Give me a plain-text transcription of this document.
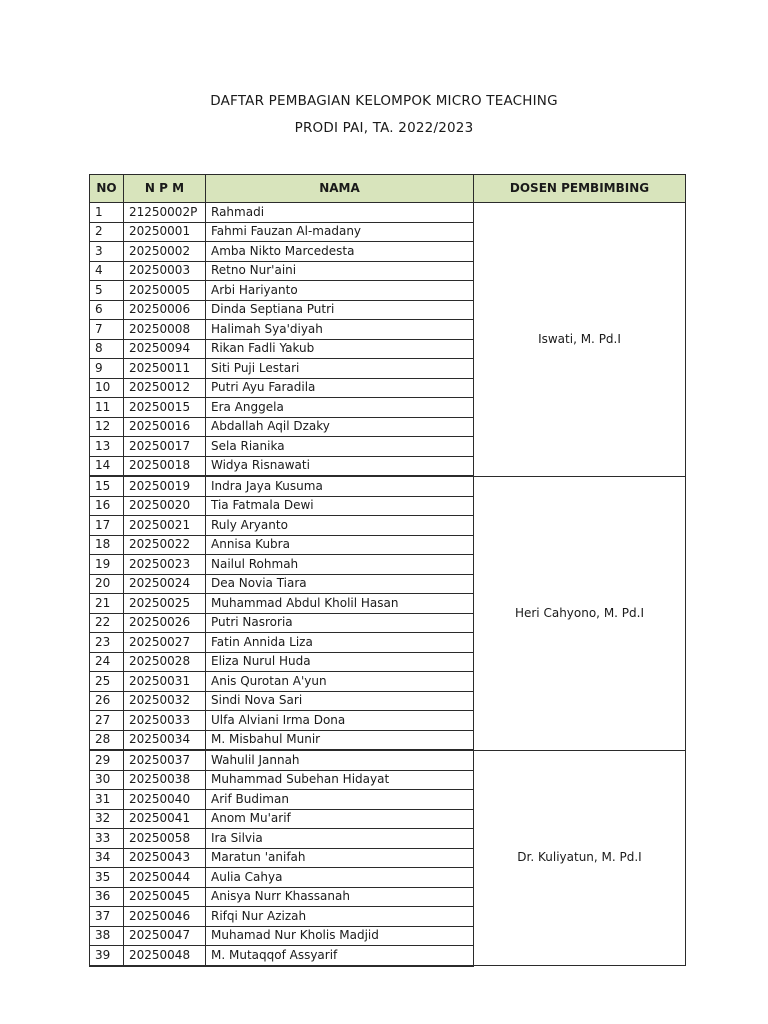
DAFTAR PEMBAGIAN KELOMPOK MICRO TEACHING
PRODI PAI, TA. 2022/2023
NO	N P M	NAMA	DOSEN PEMBIMBING
1	21250002P	Rahmadi	Iswati, M. Pd.I
2	20250001	Fahmi Fauzan Al-madany	
3	20250002	Amba Nikto Marcedesta	
4	20250003	Retno Nur'aini	
5	20250005	Arbi Hariyanto	
6	20250006	Dinda Septiana Putri	
7	20250008	Halimah Sya'diyah	
8	20250094	Rikan Fadli Yakub	
9	20250011	Siti Puji Lestari	
10	20250012	Putri Ayu Faradila	
11	20250015	Era Anggela	
12	20250016	Abdallah Aqil Dzaky	
13	20250017	Sela Rianika	
14	20250018	Widya Risnawati	
15	20250019	Indra Jaya Kusuma	Heri Cahyono, M. Pd.I
16	20250020	Tia Fatmala Dewi	
17	20250021	Ruly Aryanto	
18	20250022	Annisa Kubra	
19	20250023	Nailul Rohmah	
20	20250024	Dea Novia Tiara	
21	20250025	Muhammad Abdul Kholil Hasan	
22	20250026	Putri Nasroria	
23	20250027	Fatin Annida Liza	
24	20250028	Eliza Nurul Huda	
25	20250031	Anis Qurotan A'yun	
26	20250032	Sindi Nova Sari	
27	20250033	Ulfa Alviani Irma Dona	
28	20250034	M. Misbahul Munir	
29	20250037	Wahulil Jannah	Dr. Kuliyatun, M. Pd.I
30	20250038	Muhammad Subehan Hidayat	
31	20250040	Arif Budiman	
32	20250041	Anom Mu'arif	
33	20250058	Ira Silvia	
34	20250043	Maratun 'anifah	
35	20250044	Aulia Cahya	
36	20250045	Anisya Nurr Khassanah	
37	20250046	Rifqi Nur Azizah	
38	20250047	Muhamad Nur Kholis Madjid	
39	20250048	M. Mutaqqof Assyarif	
